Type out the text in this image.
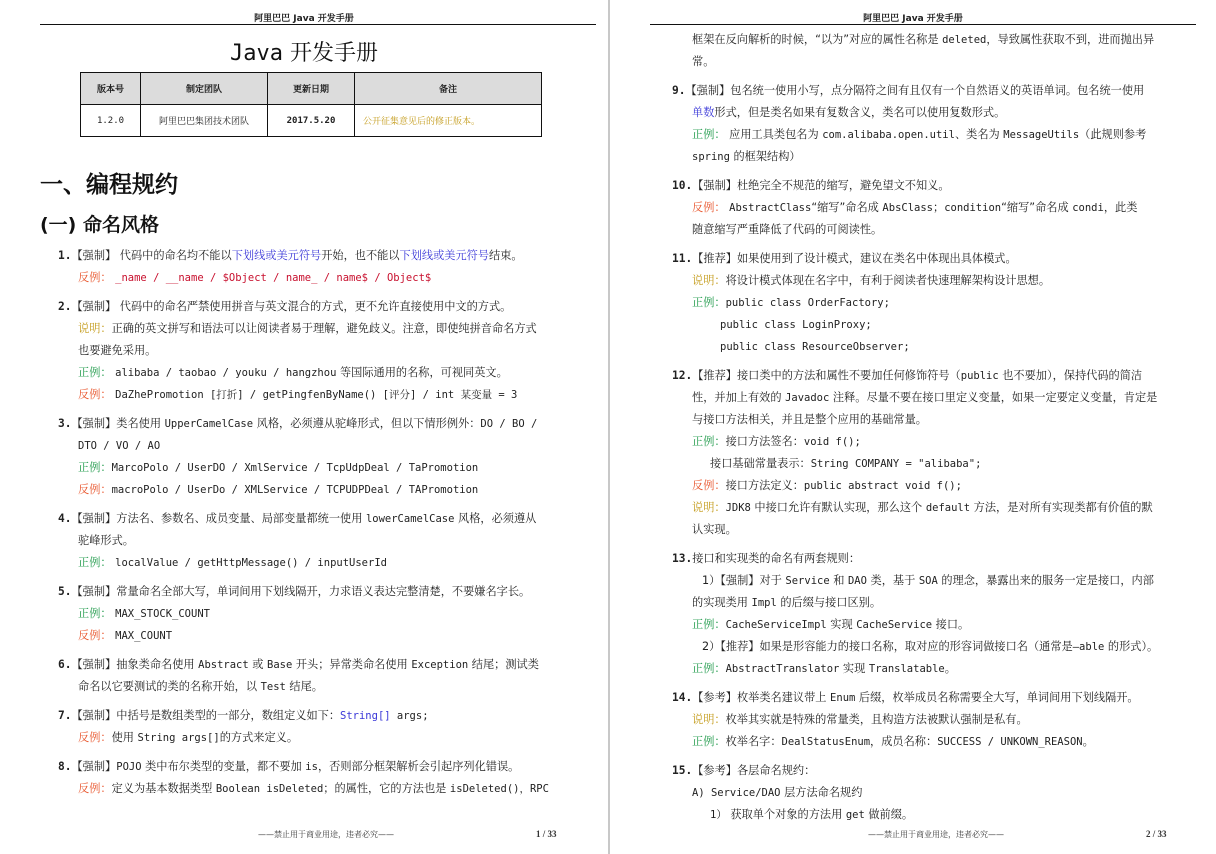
阿里巴巴 Java 开发手册
Java 开发手册
版本号	制定团队	更新日期	备注
1.2.0	阿里巴巴集团技术团队	2017.5.20	公开征集意见后的修正版本。
一、编程规约
(一) 命名风格
1.【强制】 代码中的命名均不能以下划线或美元符号开始，也不能以下划线或美元符号结束。
反例： _name / __name / $Object / name_ / name$ / Object$
2.【强制】 代码中的命名严禁使用拼音与英文混合的方式，更不允许直接使用中文的方式。
说明：正确的英文拼写和语法可以让阅读者易于理解，避免歧义。注意，即使纯拼音命名方式
也要避免采用。
正例： alibaba / taobao / youku / hangzhou 等国际通用的名称，可视同英文。
反例： DaZhePromotion [打折] / getPingfenByName() [评分] / int 某变量 = 3
3.【强制】类名使用 UpperCamelCase 风格，必须遵从驼峰形式，但以下情形例外：DO / BO /
DTO / VO / AO
正例：MarcoPolo / UserDO / XmlService / TcpUdpDeal / TaPromotion
反例：macroPolo / UserDo / XMLService / TCPUDPDeal / TAPromotion
4.【强制】方法名、参数名、成员变量、局部变量都统一使用 lowerCamelCase 风格，必须遵从
驼峰形式。
正例： localValue / getHttpMessage() / inputUserId
5.【强制】常量命名全部大写，单词间用下划线隔开，力求语义表达完整清楚，不要嫌名字长。
正例： MAX_STOCK_COUNT
反例： MAX_COUNT
6.【强制】抽象类命名使用 Abstract 或 Base 开头；异常类命名使用 Exception 结尾；测试类
命名以它要测试的类的名称开始，以 Test 结尾。
7.【强制】中括号是数组类型的一部分，数组定义如下：String[] args;
反例：使用 String args[]的方式来定义。
8.【强制】POJO 类中布尔类型的变量，都不要加 is，否则部分框架解析会引起序列化错误。
反例：定义为基本数据类型 Boolean isDeleted；的属性，它的方法也是 isDeleted()，RPC
——禁止用于商业用途，违者必究——	1 / 33
阿里巴巴 Java 开发手册
框架在反向解析的时候，“以为”对应的属性名称是 deleted，导致属性获取不到，进而抛出异
常。
9.【强制】包名统一使用小写，点分隔符之间有且仅有一个自然语义的英语单词。包名统一使用
单数形式，但是类名如果有复数含义，类名可以使用复数形式。
正例： 应用工具类包名为 com.alibaba.open.util、类名为 MessageUtils（此规则参考
spring 的框架结构）
10.【强制】杜绝完全不规范的缩写，避免望文不知义。
反例： AbstractClass“缩写”命名成 AbsClass；condition“缩写”命名成 condi，此类
随意缩写严重降低了代码的可阅读性。
11.【推荐】如果使用到了设计模式，建议在类名中体现出具体模式。
说明：将设计模式体现在名字中，有利于阅读者快速理解架构设计思想。
正例：public class OrderFactory;
public class LoginProxy;
public class ResourceObserver;
12.【推荐】接口类中的方法和属性不要加任何修饰符号（public 也不要加），保持代码的简洁
性，并加上有效的 Javadoc 注释。尽量不要在接口里定义变量，如果一定要定义变量，肯定是
与接口方法相关，并且是整个应用的基础常量。
正例：接口方法签名：void f();
接口基础常量表示：String COMPANY = "alibaba";
反例：接口方法定义：public abstract void f();
说明：JDK8 中接口允许有默认实现，那么这个 default 方法，是对所有实现类都有价值的默
认实现。
13.接口和实现类的命名有两套规则：
1）【强制】对于 Service 和 DAO 类，基于 SOA 的理念，暴露出来的服务一定是接口，内部
的实现类用 Impl 的后缀与接口区别。
正例：CacheServiceImpl 实现 CacheService 接口。
2）【推荐】如果是形容能力的接口名称，取对应的形容词做接口名（通常是–able 的形式）。
正例：AbstractTranslator 实现 Translatable。
14.【参考】枚举类名建议带上 Enum 后缀，枚举成员名称需要全大写，单词间用下划线隔开。
说明：枚举其实就是特殊的常量类，且构造方法被默认强制是私有。
正例：枚举名字：DealStatusEnum，成员名称：SUCCESS / UNKOWN_REASON。
15.【参考】各层命名规约：
A) Service/DAO 层方法命名规约
1） 获取单个对象的方法用 get 做前缀。
——禁止用于商业用途，违者必究——	2 / 33
